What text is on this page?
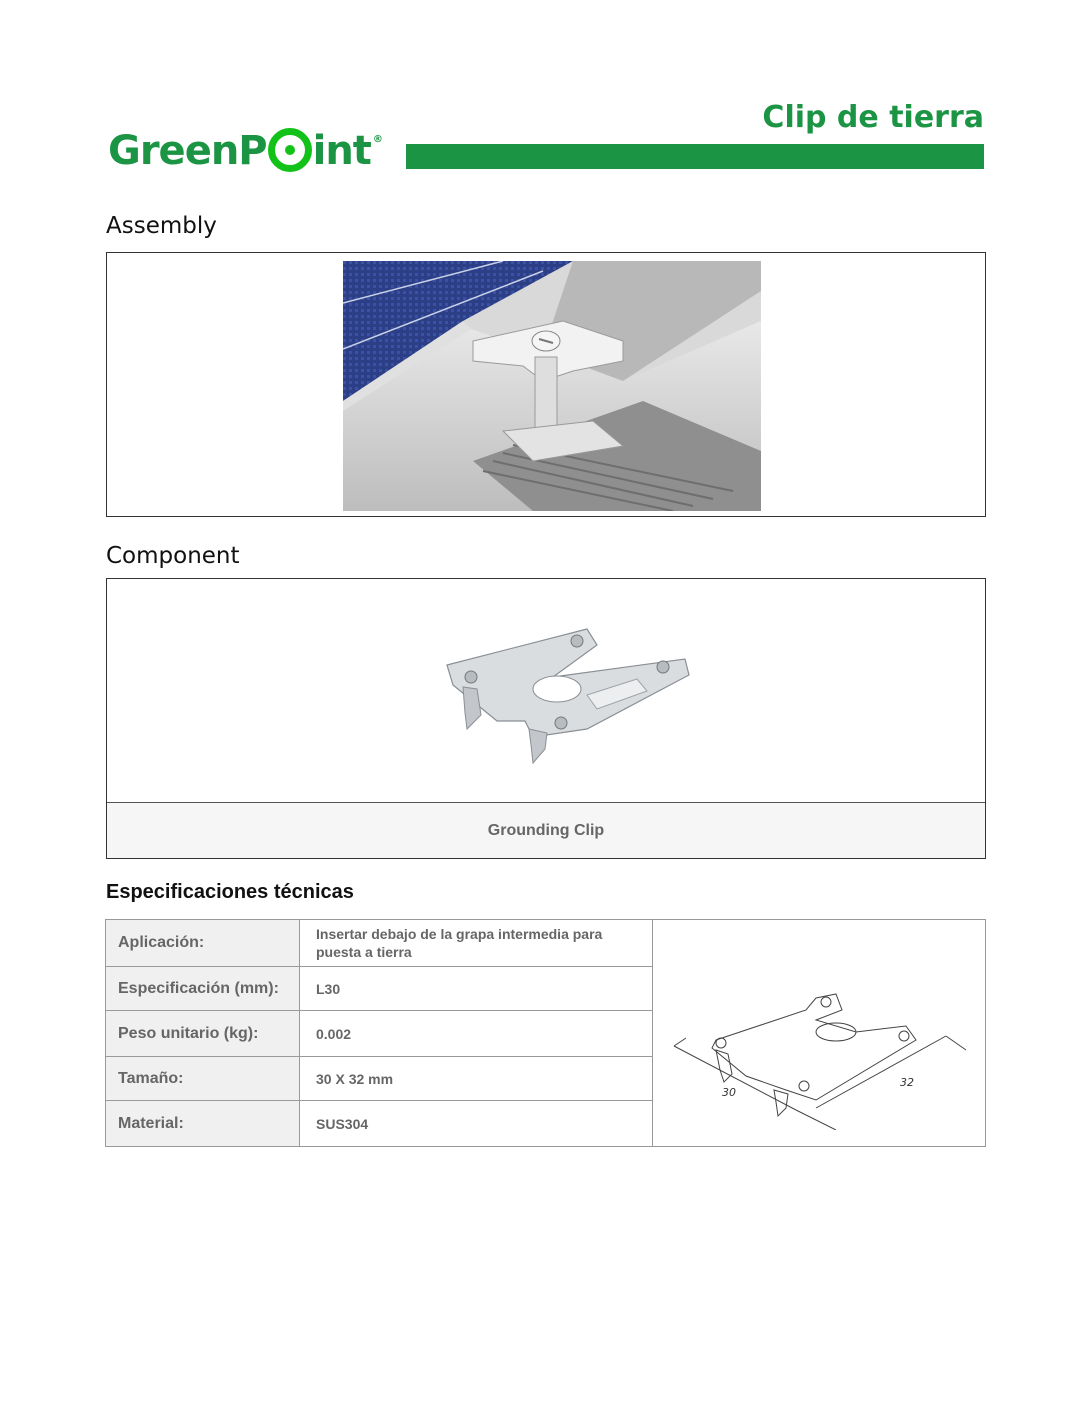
GreenP int ®
Clip de tierra
Assembly
Component
Grounding Clip
Especificaciones técnicas
Aplicación:	Insertar debajo de la grapa intermedia para puesta a tierra
Especificación (mm):	L30
Peso unitario (kg):	0.002
Tamaño:	30 X 32 mm
Material:	SUS304
30
32
